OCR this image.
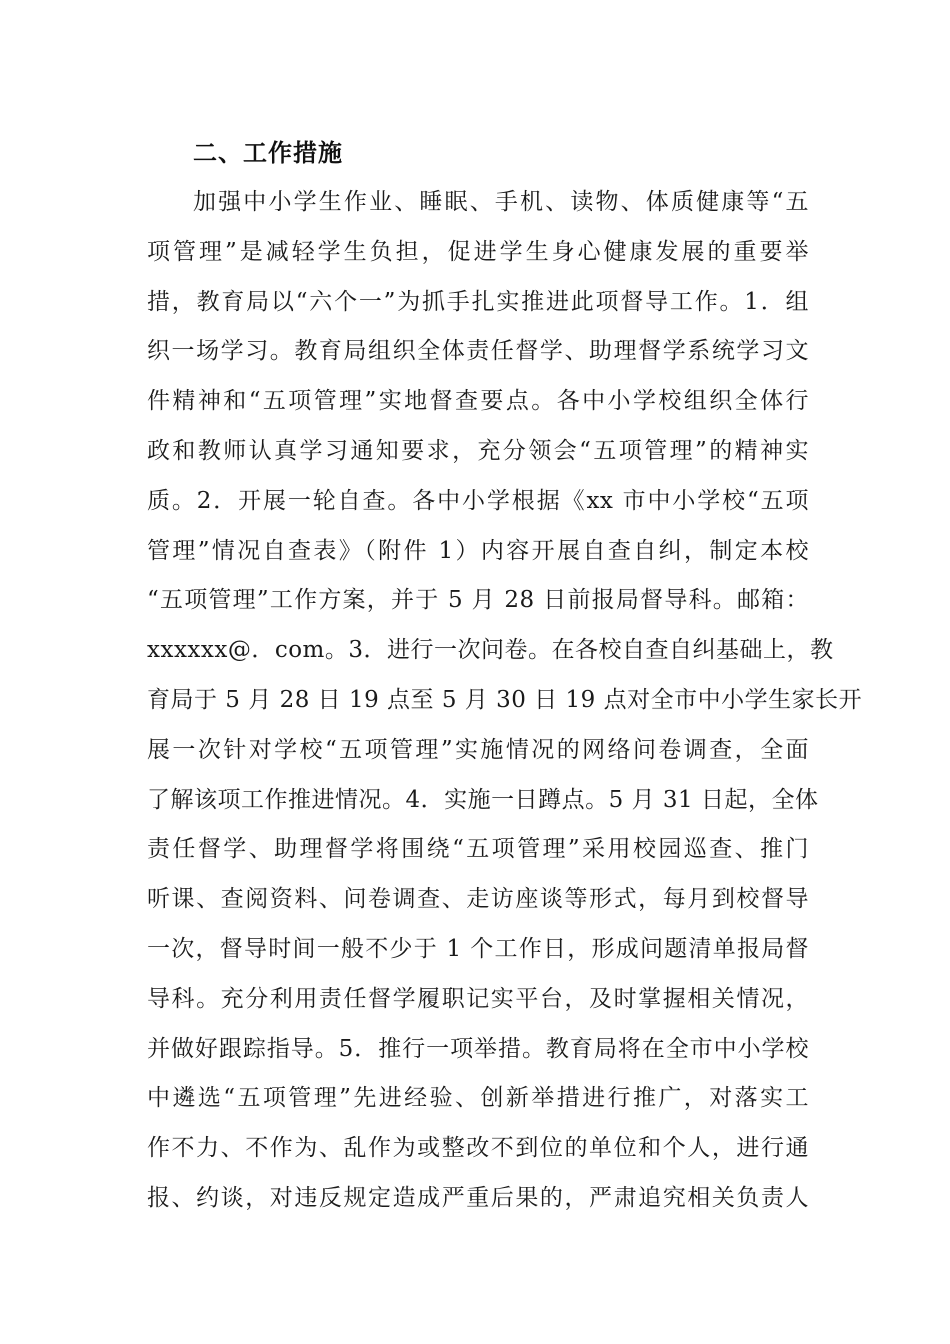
二、工作措施
加强中小学生作业、睡眠、手机、读物、体质健康等“五
项管理”是减轻学生负担，促进学生身心健康发展的重要举
措，教育局以“六个一”为抓手扎实推进此项督导工作。1．组
织一场学习。教育局组织全体责任督学、助理督学系统学习文
件精神和“五项管理”实地督查要点。各中小学校组织全体行
政和教师认真学习通知要求，充分领会“五项管理”的精神实
质。2．开展一轮自查。各中小学根据《xx 市中小学校“五项
管理”情况自查表》（附件 1）内容开展自查自纠，制定本校
“五项管理”工作方案，并于 5 月 28 日前报局督导科。邮箱：
xxxxxx@．com。3．进行一次问卷。在各校自查自纠基础上，教
育局于 5 月 28 日 19 点至 5 月 30 日 19 点对全市中小学生家长开
展一次针对学校“五项管理”实施情况的网络问卷调查，全面
了解该项工作推进情况。4．实施一日蹲点。5 月 31 日起，全体
责任督学、助理督学将围绕“五项管理”采用校园巡查、推门
听课、查阅资料、问卷调查、走访座谈等形式，每月到校督导
一次，督导时间一般不少于 1 个工作日，形成问题清单报局督
导科。充分利用责任督学履职记实平台，及时掌握相关情况，
并做好跟踪指导。5．推行一项举措。教育局将在全市中小学校
中遴选“五项管理”先进经验、创新举措进行推广，对落实工
作不力、不作为、乱作为或整改不到位的单位和个人，进行通
报、约谈，对违反规定造成严重后果的，严肃追究相关负责人
